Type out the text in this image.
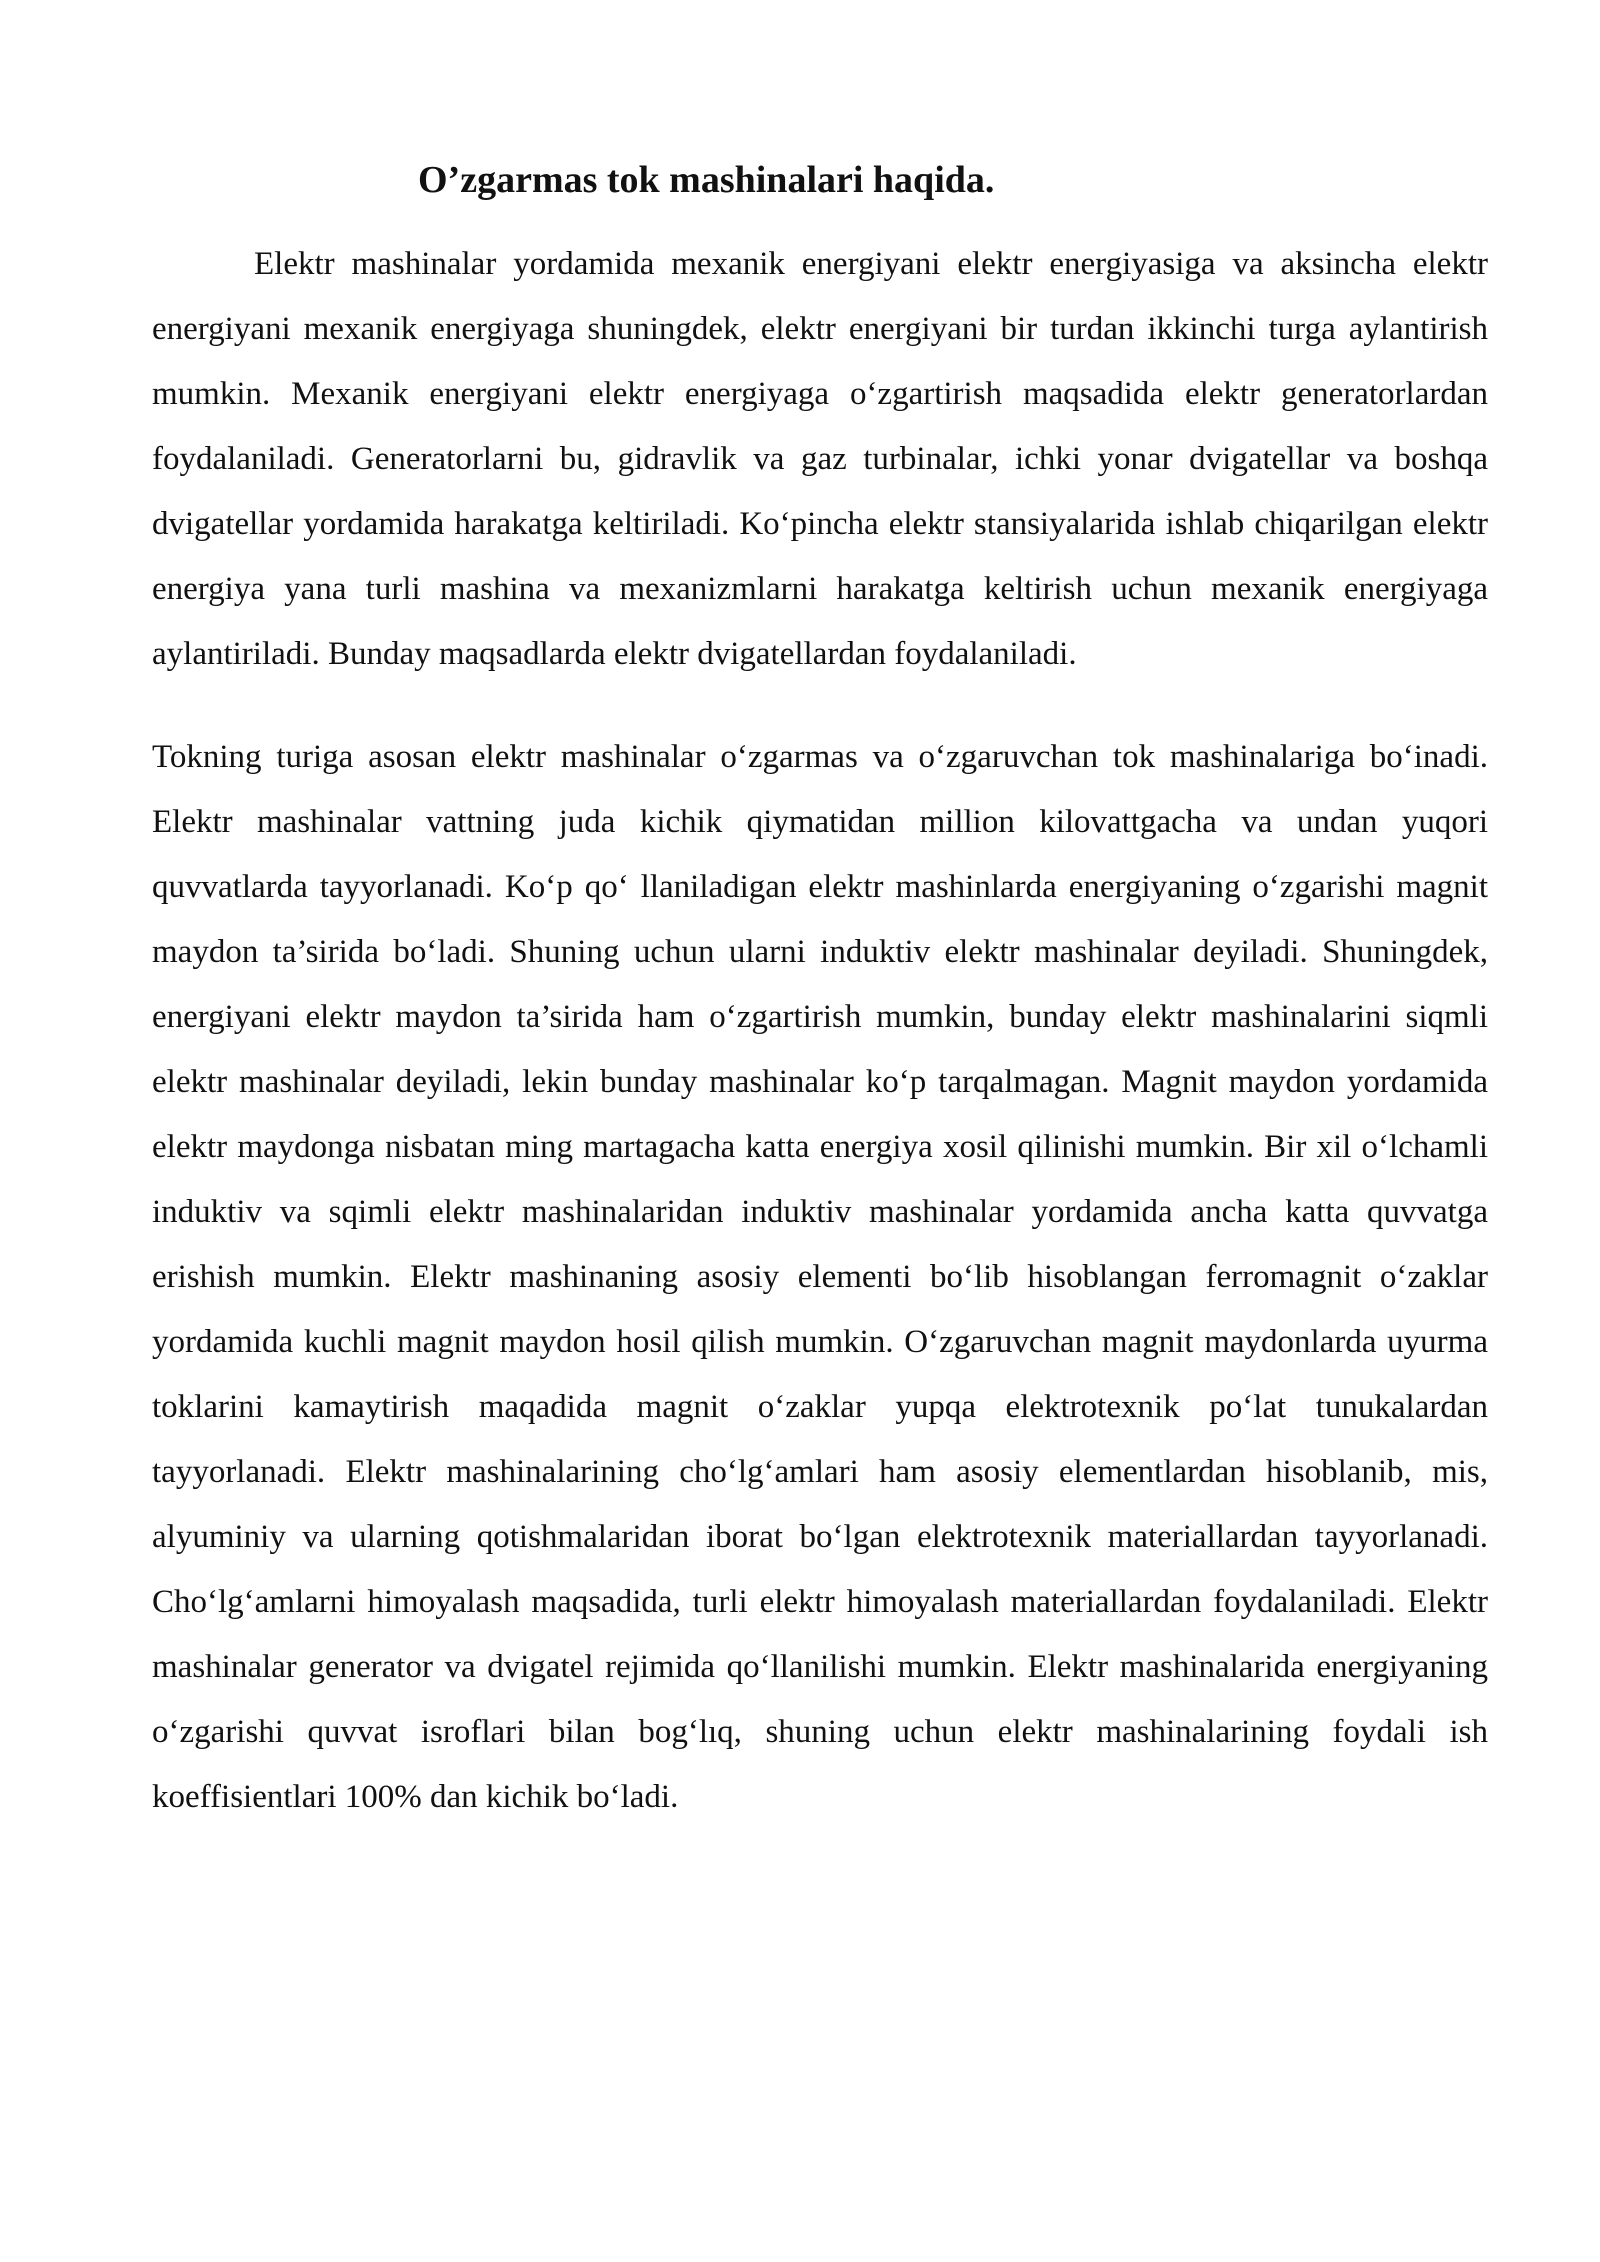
O’zgarmas tok mashinalari haqida.

Elektr mashinalar yordamida mexanik energiyani elektr energiyasiga va aksincha elektr energiyani mexanik energiyaga shuningdek, elektr energiyani bir turdan ikkinchi turga aylantirish mumkin. Mexanik energiyani elektr energiyaga o‘zgartirish maqsadida elektr generatorlardan foydalaniladi. Generatorlarni bu, gidravlik va gaz turbinalar, ichki yonar dvigatellar va boshqa dvigatellar yordamida harakatga keltiriladi. Ko‘pincha elektr stansiyalarida ishlab chiqarilgan elektr energiya yana turli mashina va mexanizmlarni harakatga keltirish uchun mexanik energiyaga aylantiriladi. Bunday maqsadlarda elektr dvigatellardan foydalaniladi.

Tokning turiga asosan elektr mashinalar o‘zgarmas va o‘zgaruvchan tok mashinalariga bo‘inadi. Elektr mashinalar vattning juda kichik qiymatidan million kilovattgacha va undan yuqori quvvatlarda tayyorlanadi. Ko‘p qo‘ llaniladigan elektr mashinlarda energiyaning o‘zgarishi magnit maydon ta’sirida bo‘ladi. Shuning uchun ularni induktiv elektr mashinalar deyiladi. Shuningdek, energiyani elektr maydon ta’sirida ham o‘zgartirish mumkin, bunday elektr mashinalarini siqmli elektr mashinalar deyiladi, lekin bunday mashinalar ko‘p tarqalmagan. Magnit maydon yordamida elektr maydonga nisbatan ming martagacha katta energiya xosil qilinishi mumkin. Bir xil o‘lchamli induktiv va sqimli elektr mashinalaridan induktiv mashinalar yordamida ancha katta quvvatga erishish mumkin. Elektr mashinaning asosiy elementi bo‘lib hisoblangan ferromagnit o‘zaklar yordamida kuchli magnit maydon hosil qilish mumkin. O‘zgaruvchan magnit maydonlarda uyurma toklarini kamaytirish maqadida magnit o‘zaklar yupqa elektrotexnik po‘lat tunukalardan tayyorlanadi. Elektr mashinalarining cho‘lg‘amlari ham asosiy elementlardan hisoblanib, mis, alyuminiy va ularning qotishmalaridan iborat bo‘lgan elektrotexnik materiallardan tayyorlanadi. Cho‘lg‘amlarni himoyalash maqsadida, turli elektr himoyalash materiallardan foydalaniladi. Elektr mashinalar generator va dvigatel rejimida qo‘llanilishi mumkin. Elektr mashinalarida energiyaning o‘zgarishi quvvat isroflari bilan bog‘lıq, shuning uchun elektr mashinalarining foydali ish koeffisientlari 100% dan kichik bo‘ladi.
